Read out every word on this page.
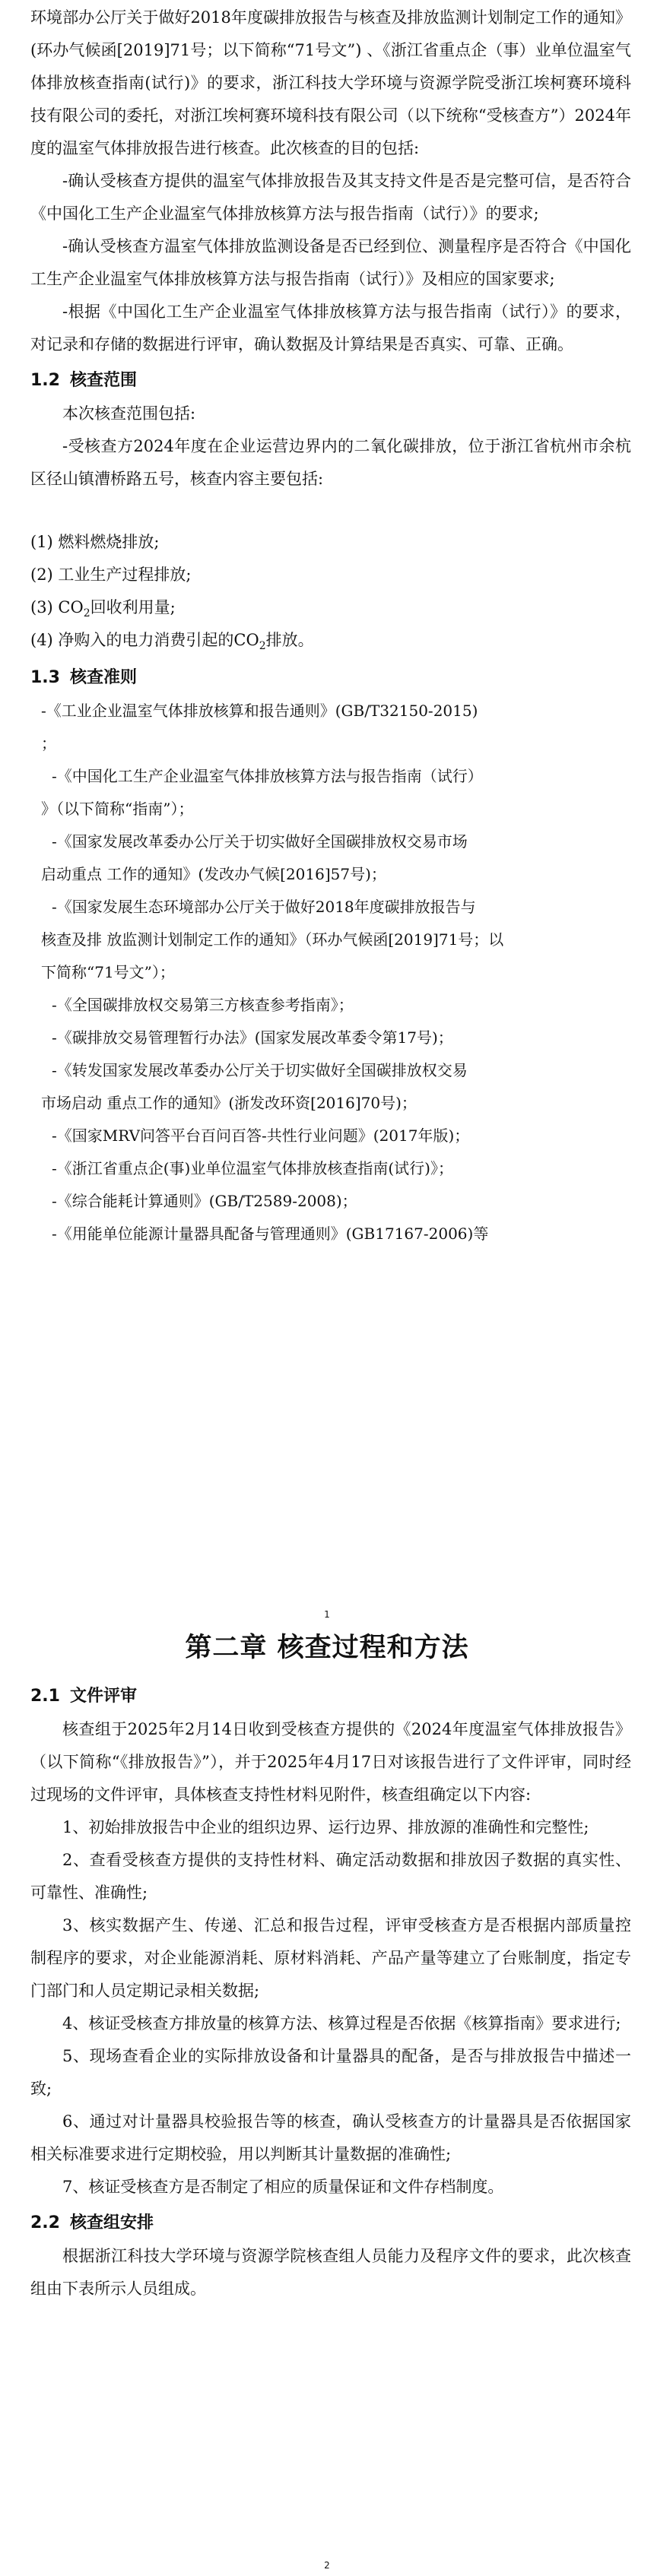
环境部办公厅关于做好2018年度碳排放报告与核查及排放监测计划制定工作的通知》(环办气候函[2019]71号；以下简称“71号文”) 、《浙江省重点企（事）业单位温室气体排放核查指南(试行)》的要求，浙江科技大学环境与资源学院受浙江埃柯赛环境科技有限公司的委托，对浙江埃柯赛环境科技有限公司（以下统称“受核查方”）2024年度的温室气体排放报告进行核查。此次核查的目的包括:

-确认受核查方提供的温室气体排放报告及其支持文件是否是完整可信，是否符合《中国化工生产企业温室气体排放核算方法与报告指南（试行）》的要求;

-确认受核查方温室气体排放监测设备是否已经到位、测量程序是否符合《中国化工生产企业温室气体排放核算方法与报告指南（试行）》及相应的国家要求;

-根据《中国化工生产企业温室气体排放核算方法与报告指南（试行）》的要求，对记录和存储的数据进行评审，确认数据及计算结果是否真实、可靠、正确。

1.2 核查范围

本次核查范围包括:

-受核查方2024年度在企业运营边界内的二氧化碳排放，位于浙江省杭州市余杭区径山镇漕桥路五号，核查内容主要包括:

(1) 燃料燃烧排放;
(2) 工业生产过程排放;
(3) $CO_2$回收利用量;
(4) 净购入的电力消费引起的$CO_2$排放。
1.3 核查准则
-《工业企业温室气体排放核算和报告通则》(GB/T32150-2015)
；
-《中国化工生产企业温室气体排放核算方法与报告指南（试行）
》（以下简称“指南”）；
-《国家发展改革委办公厅关于切实做好全国碳排放权交易市场
启动重点 工作的通知》(发改办气候[2016]57号)；
-《国家发展生态环境部办公厅关于做好2018年度碳排放报告与
核查及排 放监测计划制定工作的通知》（环办气候函[2019]71号；以
下简称“71号文”）；
-《全国碳排放权交易第三方核查参考指南》；
-《碳排放交易管理暂行办法》(国家发展改革委令第17号)；
-《转发国家发展改革委办公厅关于切实做好全国碳排放权交易
市场启动 重点工作的通知》(浙发改环资[2016]70号)；
-《国家MRV问答平台百问百答-共性行业问题》(2017年版)；
-《浙江省重点企(事)业单位温室气体排放核查指南(试行)》；
-《综合能耗计算通则》(GB/T2589-2008)；
-《用能单位能源计量器具配备与管理通则》(GB17167-2006)等
1
第二章 核查过程和方法
2.1 文件评审

核查组于2025年2月14日收到受核查方提供的《2024年度温室气体排放报告》（以下简称“《排放报告》”），并于2025年4月17日对该报告进行了文件评审，同时经过现场的文件评审，具体核查支持性材料见附件，核查组确定以下内容:

1、初始排放报告中企业的组织边界、运行边界、排放源的准确性和完整性;

2、查看受核查方提供的支持性材料、确定活动数据和排放因子数据的真实性、可靠性、准确性;

3、核实数据产生、传递、汇总和报告过程，评审受核查方是否根据内部质量控制程序的要求，对企业能源消耗、原材料消耗、产品产量等建立了台账制度，指定专门部门和人员定期记录相关数据;

4、核证受核查方排放量的核算方法、核算过程是否依据《核算指南》要求进行;

5、现场查看企业的实际排放设备和计量器具的配备，是否与排放报告中描述一致;

6、通过对计量器具校验报告等的核查，确认受核查方的计量器具是否依据国家相关标准要求进行定期校验，用以判断其计量数据的准确性;

7、核证受核查方是否制定了相应的质量保证和文件存档制度。

2.2 核查组安排

根据浙江科技大学环境与资源学院核查组人员能力及程序文件的要求，此次核查组由下表所示人员组成。

2
